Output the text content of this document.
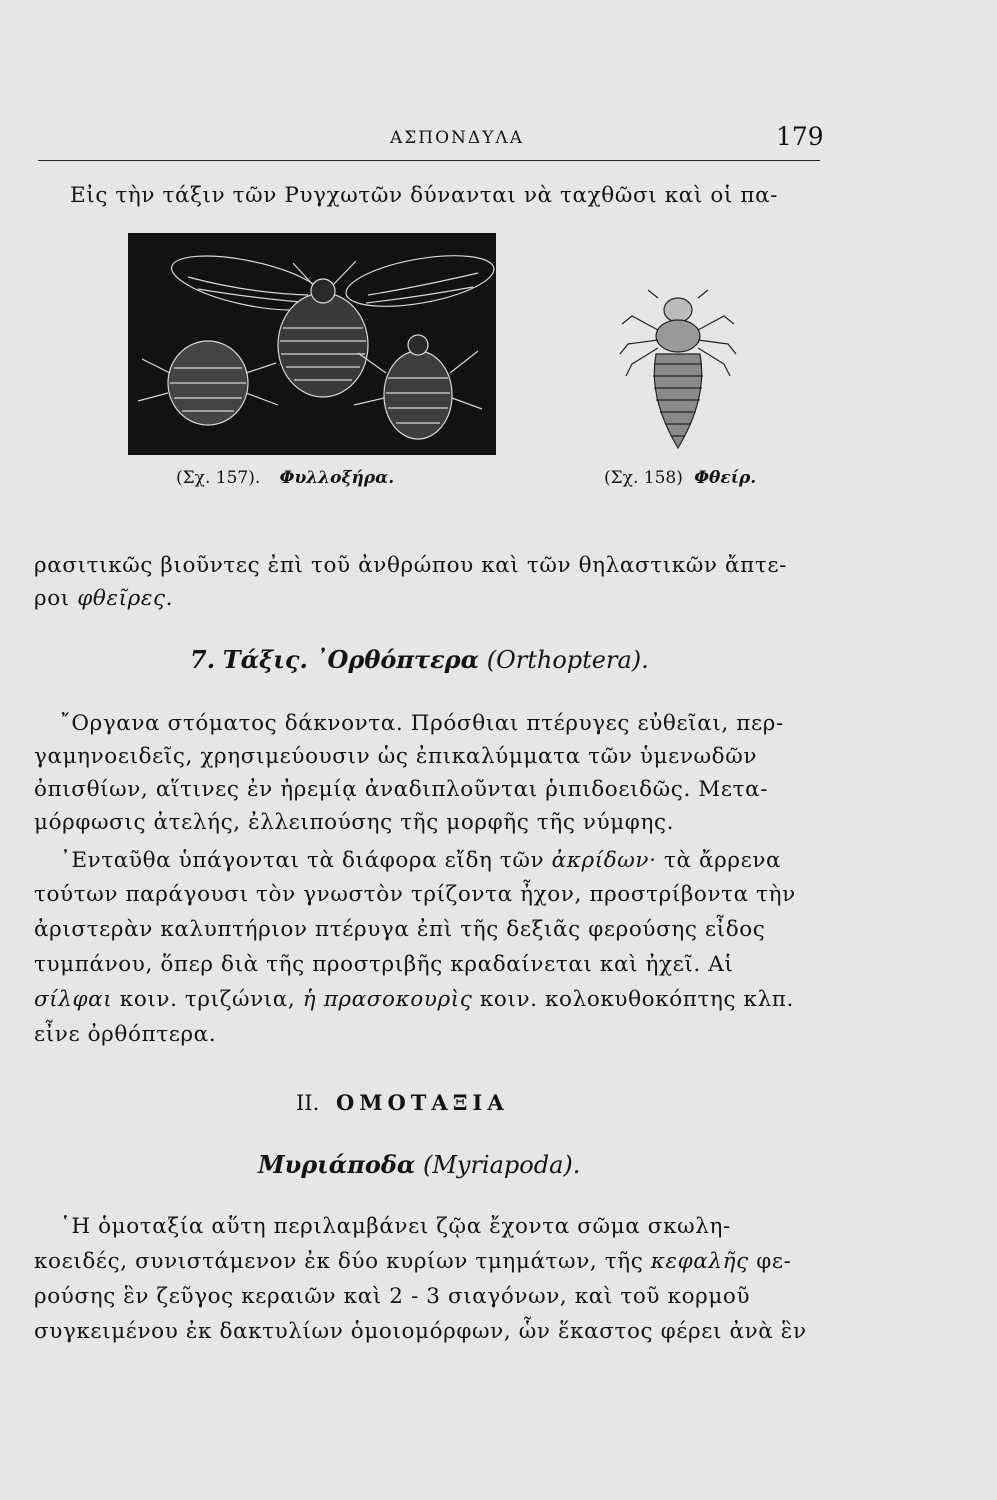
ΑΣΠΟΝΔΥΛΑ	179
Εἰς τὴν τάξιν τῶν Ρυγχωτῶν δύνανται νὰ ταχθῶσι καὶ οἱ πα-
(Σχ. 157). Φυλλοξήρα.	(Σχ. 158) Φθείρ.
ρασιτικῶς βιοῦντες ἐπὶ τοῦ ἀνθρώπου καὶ τῶν θηλαστικῶν ἄπτε-
ροι φθεῖρες.
7. Τάξις. ᾽Ορθόπτερα (Orthoptera).
῎Οργανα στόματος δάκνοντα. Πρόσθιαι πτέρυγες εὐθεῖαι, περ-
γαμηνοειδεῖς, χρησιμεύουσιν ὡς ἐπικαλύμματα τῶν ὑμενωδῶν
ὀπισθίων, αἵτινες ἐν ἠρεμίᾳ ἀναδιπλοῦνται ῥιπιδοειδῶς. Μετα-
μόρφωσις ἀτελής, ἐλλειπούσης τῆς μορφῆς τῆς νύμφης.
᾽Ενταῦθα ὑπάγονται τὰ διάφορα εἴδη τῶν ἀκρίδων· τὰ ἄρρενα
τούτων παράγουσι τὸν γνωστὸν τρίζοντα ἦχον, προστρίβοντα τὴν
ἀριστερὰν καλυπτήριον πτέρυγα ἐπὶ τῆς δεξιᾶς φερούσης εἶδος
τυμπάνου, ὅπερ διὰ τῆς προστριβῆς κραδαίνεται καὶ ἠχεῖ. Αἱ
σίλφαι κοιν. τριζώνια, ἡ πρασοκουρὶς κοιν. κολοκυθοκόπτης κλπ.
εἶνε ὀρθόπτερα.
II. ΟΜΟΤΑΞΙΑ
Μυριάποδα (Myriapoda).
῾Η ὁμοταξία αὕτη περιλαμβάνει ζῷα ἔχοντα σῶμα σκωλη-
κοειδές, συνιστάμενον ἐκ δύο κυρίων τμημάτων, τῆς κεφαλῆς φε-
ρούσης ἓν ζεῦγος κεραιῶν καὶ 2 - 3 σιαγόνων, καὶ τοῦ κορμοῦ
συγκειμένου ἐκ δακτυλίων ὁμοιομόρφων, ὧν ἕκαστος φέρει ἀνὰ ἓν
